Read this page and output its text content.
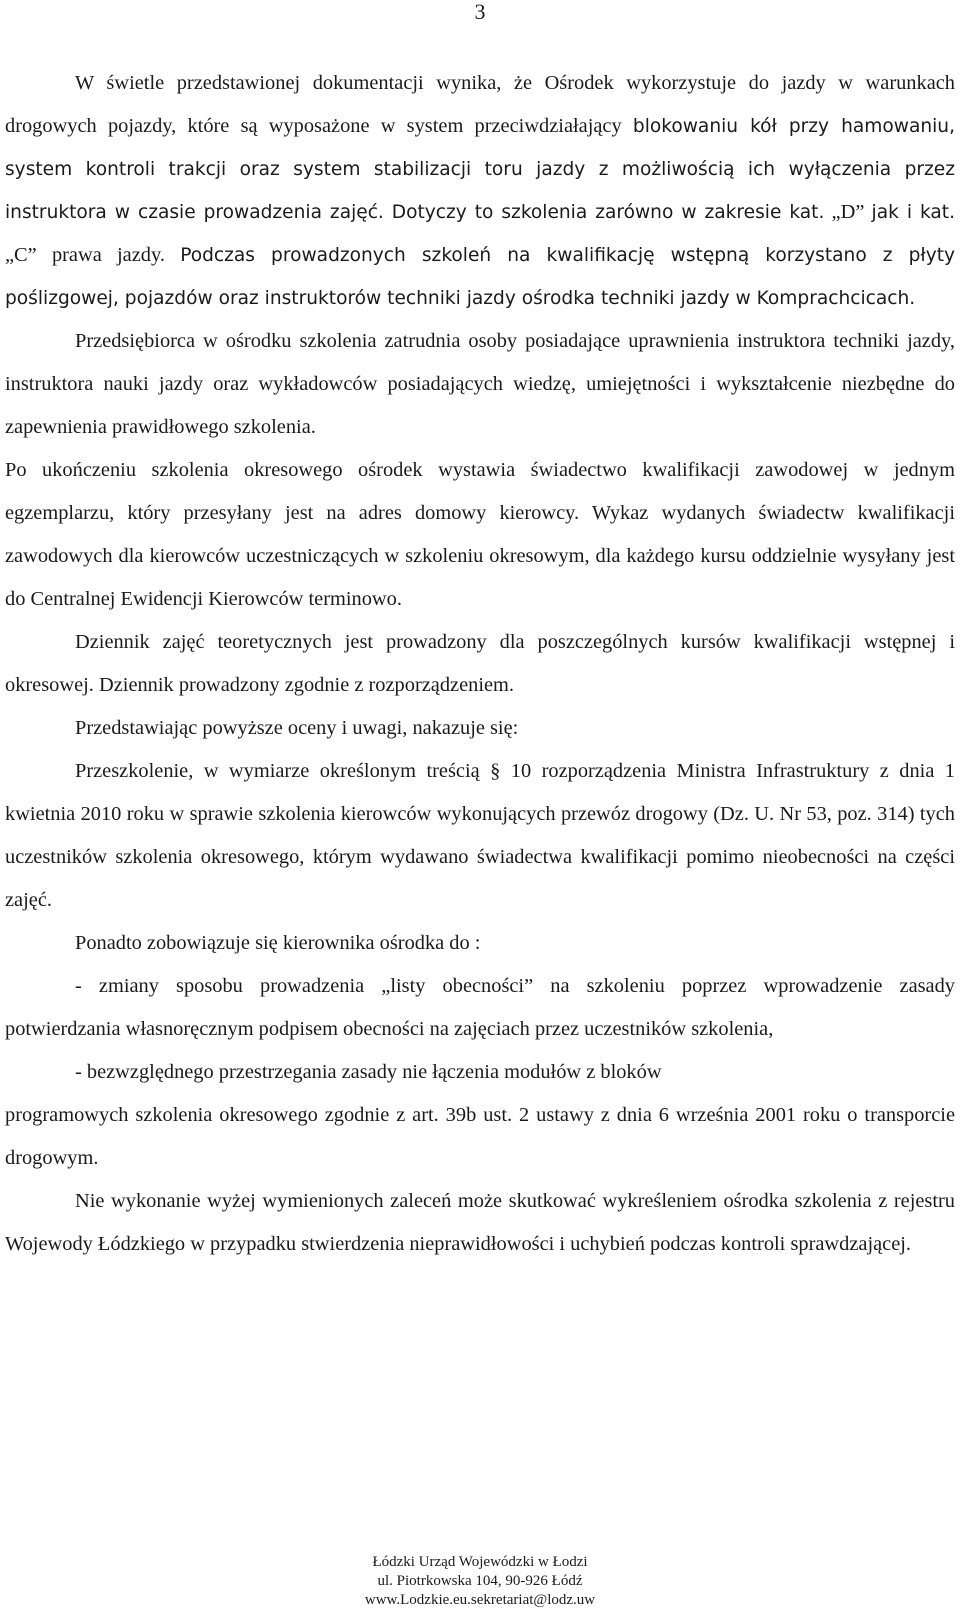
3

W świetle przedstawionej dokumentacji wynika, że Ośrodek wykorzystuje do jazdy w warunkach drogowych pojazdy, które są wyposażone w system przeciwdziałający blokowaniu kół przy hamowaniu, system kontroli trakcji oraz system stabilizacji toru jazdy z możliwością ich wyłączenia przez instruktora w czasie prowadzenia zajęć. Dotyczy to szkolenia zarówno w zakresie kat. „D” jak i kat. „C” prawa jazdy. Podczas prowadzonych szkoleń na kwalifikację wstępną korzystano z płyty poślizgowej, pojazdów oraz instruktorów techniki jazdy ośrodka techniki jazdy w Komprachcicach.

Przedsiębiorca w ośrodku szkolenia zatrudnia osoby posiadające uprawnienia instruktora techniki jazdy, instruktora nauki jazdy oraz wykładowców posiadających wiedzę, umiejętności i wykształcenie niezbędne do zapewnienia prawidłowego szkolenia.

Po ukończeniu szkolenia okresowego ośrodek wystawia świadectwo kwalifikacji zawodowej w jednym egzemplarzu, który przesyłany jest na adres domowy kierowcy. Wykaz wydanych świadectw kwalifikacji zawodowych dla kierowców uczestniczących w szkoleniu okresowym, dla każdego kursu oddzielnie wysyłany jest do Centralnej Ewidencji Kierowców terminowo.

Dziennik zajęć teoretycznych jest prowadzony dla poszczególnych kursów kwalifikacji wstępnej i okresowej. Dziennik prowadzony zgodnie z rozporządzeniem.

Przedstawiając powyższe oceny i uwagi, nakazuje się:

Przeszkolenie, w wymiarze określonym treścią § 10 rozporządzenia Ministra Infrastruktury z dnia 1 kwietnia 2010 roku w sprawie szkolenia kierowców wykonujących przewóz drogowy (Dz. U. Nr 53, poz. 314) tych uczestników szkolenia okresowego, którym wydawano świadectwa kwalifikacji pomimo nieobecności na części zajęć.

Ponadto zobowiązuje się kierownika ośrodka do :

- zmiany sposobu prowadzenia „listy obecności” na szkoleniu poprzez wprowadzenie zasady potwierdzania własnoręcznym podpisem obecności na zajęciach przez uczestników szkolenia,

- bezwzględnego przestrzegania zasady nie łączenia modułów z bloków

programowych szkolenia okresowego zgodnie z art. 39b ust. 2 ustawy z dnia 6 września 2001 roku o transporcie drogowym.

Nie wykonanie wyżej wymienionych zaleceń może skutkować wykreśleniem ośrodka szkolenia z rejestru Wojewody Łódzkiego w przypadku stwierdzenia nieprawidłowości i uchybień podczas kontroli sprawdzającej.

Łódzki Urząd Wojewódzki w Łodzi
ul. Piotrkowska 104, 90-926 Łódź
www.Lodzkie.eu.sekretariat@lodz.uw
